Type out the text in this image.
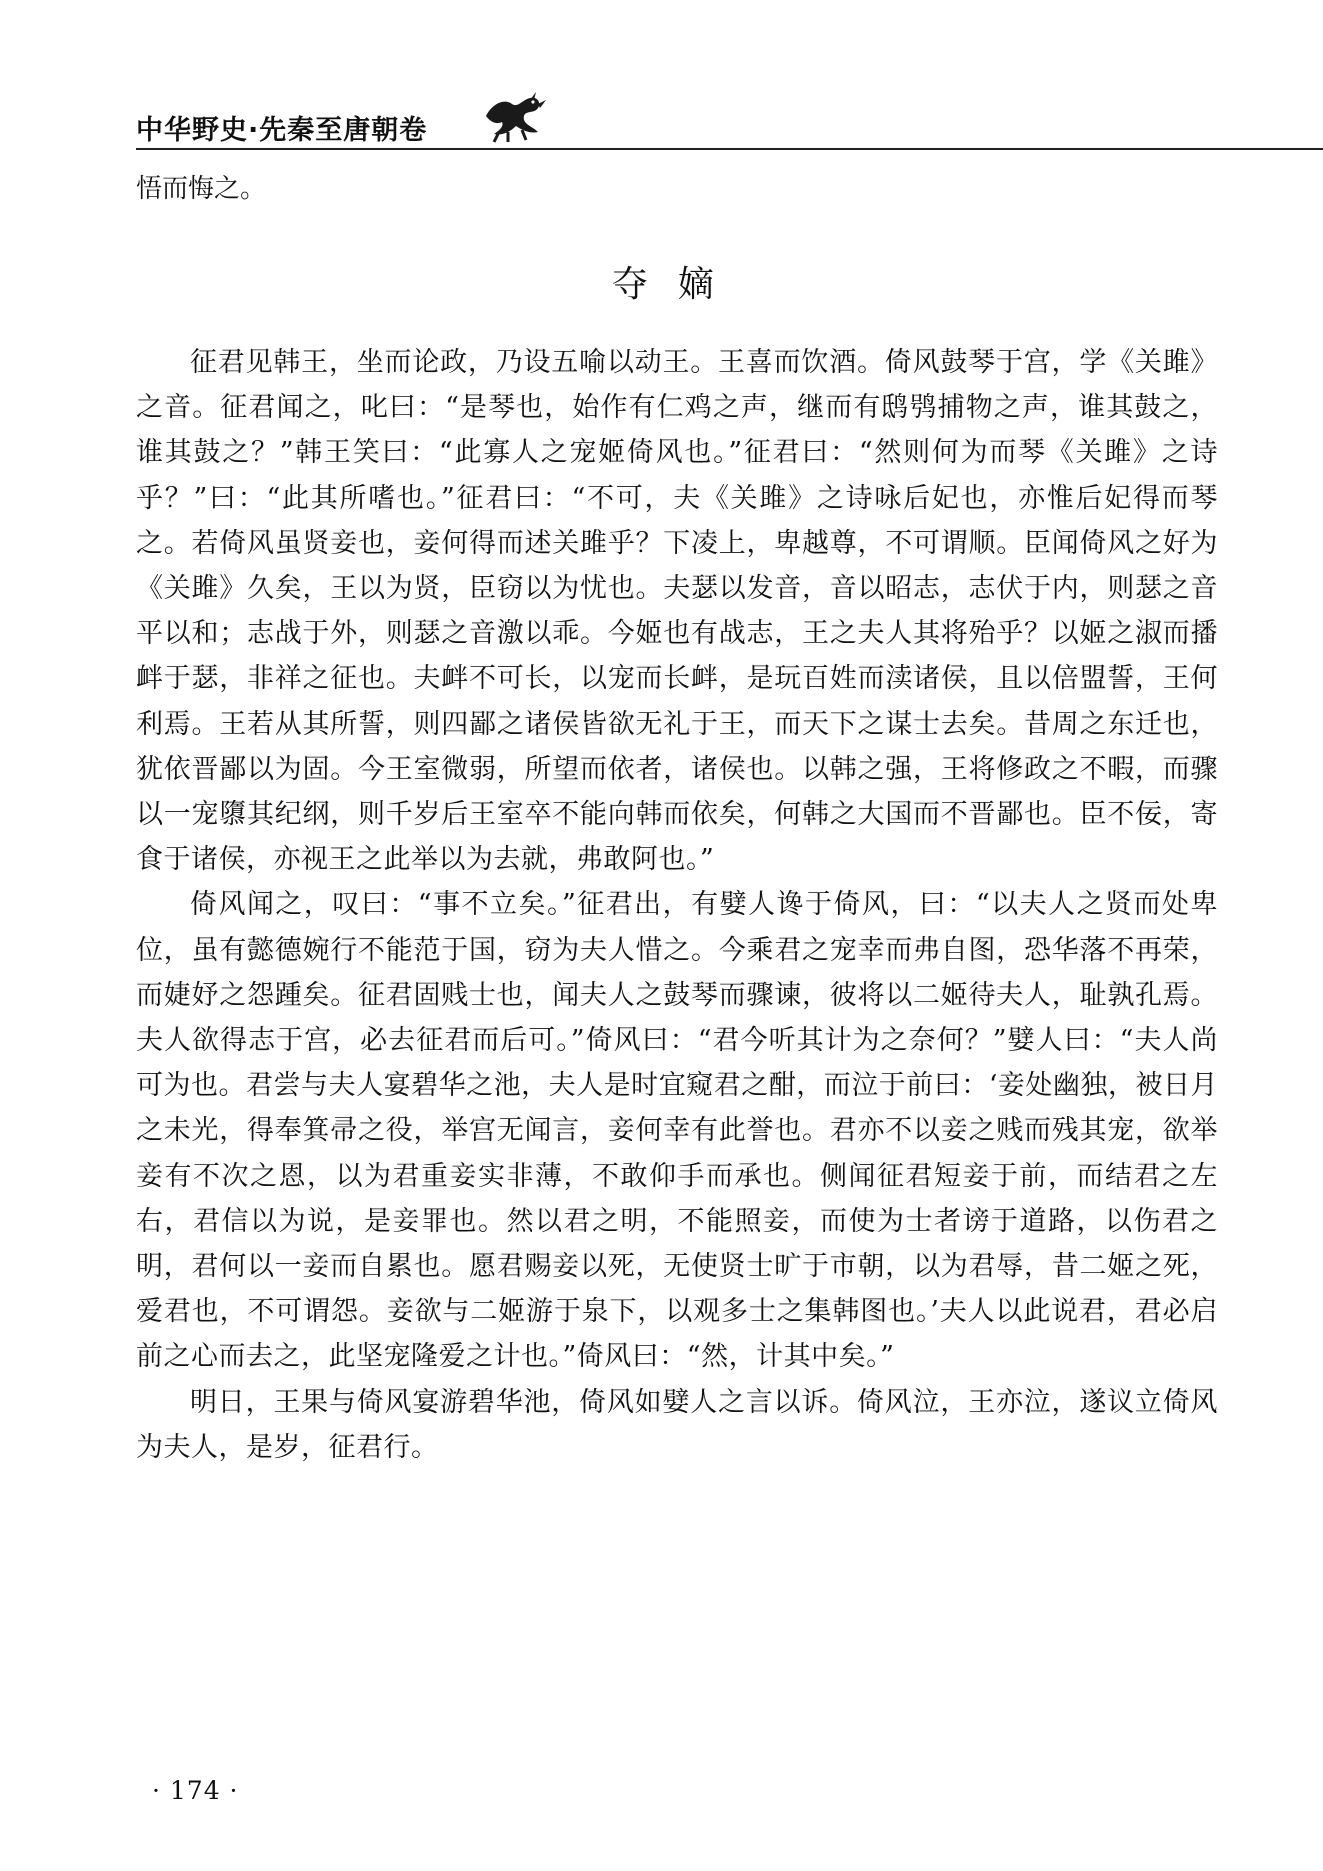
中华野史·先秦至唐朝卷
悟而悔之。
夺嫡

征君见韩王，坐而论政，乃设五喻以动王。王喜而饮酒。倚风鼓琴于宫，学《关雎》之音。征君闻之，叱曰：“是琴也，始作有仁鸡之声，继而有鸱鸮捕物之声，谁其鼓之，谁其鼓之？”韩王笑曰：“此寡人之宠姬倚风也。”征君曰：“然则何为而琴《关雎》之诗乎？”曰：“此其所嗜也。”征君曰：“不可，夫《关雎》之诗咏后妃也，亦惟后妃得而琴之。若倚风虽贤妾也，妾何得而述关雎乎？下凌上，卑越尊，不可谓顺。臣闻倚风之好为《关雎》久矣，王以为贤，臣窃以为忧也。夫瑟以发音，音以昭志，志伏于内，则瑟之音平以和；志战于外，则瑟之音激以乖。今姬也有战志，王之夫人其将殆乎？以姬之淑而播衅于瑟，非祥之征也。夫衅不可长，以宠而长衅，是玩百姓而渎诸侯，且以倍盟誓，王何利焉。王若从其所誓，则四鄙之诸侯皆欲无礼于王，而天下之谋士去矣。昔周之东迁也，犹依晋鄙以为固。今王室微弱，所望而依者，诸侯也。以韩之强，王将修政之不暇，而骤以一宠隳其纪纲，则千岁后王室卒不能向韩而依矣，何韩之大国而不晋鄙也。臣不佞，寄食于诸侯，亦视王之此举以为去就，弗敢阿也。”

倚风闻之，叹曰：“事不立矣。”征君出，有嬖人谗于倚风，曰：“以夫人之贤而处卑位，虽有懿德婉行不能范于国，窃为夫人惜之。今乘君之宠幸而弗自图，恐华落不再荣，而婕妤之怨踵矣。征君固贱士也，闻夫人之鼓琴而骤谏，彼将以二姬待夫人，耻孰孔焉。夫人欲得志于宫，必去征君而后可。”倚风曰：“君今听其计为之奈何？”嬖人曰：“夫人尚可为也。君尝与夫人宴碧华之池，夫人是时宜窥君之酣，而泣于前曰：‘妾处幽独，被日月之未光，得奉箕帚之役，举宫无闻言，妾何幸有此誉也。君亦不以妾之贱而残其宠，欲举妾有不次之恩，以为君重妾实非薄，不敢仰手而承也。侧闻征君短妾于前，而结君之左右，君信以为说，是妾罪也。然以君之明，不能照妾，而使为士者谤于道路，以伤君之明，君何以一妾而自累也。愿君赐妾以死，无使贤士旷于市朝，以为君辱，昔二姬之死，爱君也，不可谓怨。妾欲与二姬游于泉下，以观多士之集韩图也。’夫人以此说君，君必启前之心而去之，此坚宠隆爱之计也。”倚风曰：“然，计其中矣。”

明日，王果与倚风宴游碧华池，倚风如嬖人之言以诉。倚风泣，王亦泣，遂议立倚风为夫人，是岁，征君行。

· 174 ·
